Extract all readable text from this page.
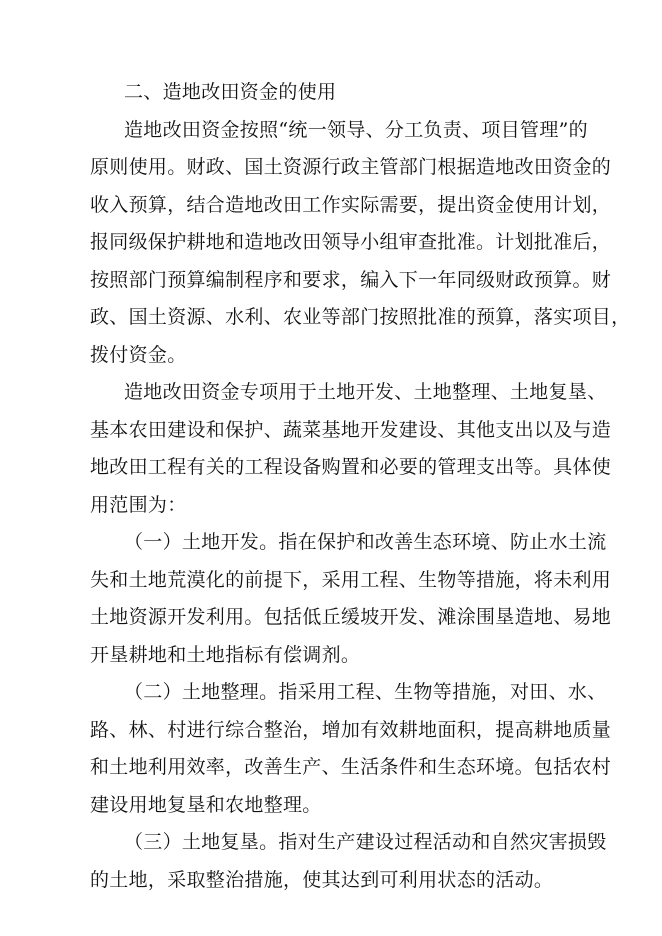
二、造地改田资金的使用
造地改田资金按照“统一领导、分工负责、项目管理”的
原则使用。财政、国土资源行政主管部门根据造地改田资金的
收入预算，结合造地改田工作实际需要，提出资金使用计划，
报同级保护耕地和造地改田领导小组审查批准。计划批准后，
按照部门预算编制程序和要求，编入下一年同级财政预算。财
政、国土资源、水利、农业等部门按照批准的预算，落实项目，
拨付资金。
造地改田资金专项用于土地开发、土地整理、土地复垦、
基本农田建设和保护、蔬菜基地开发建设、其他支出以及与造
地改田工程有关的工程设备购置和必要的管理支出等。具体使
用范围为：
（一）土地开发。指在保护和改善生态环境、防止水土流
失和土地荒漠化的前提下，采用工程、生物等措施，将未利用
土地资源开发利用。包括低丘缓坡开发、滩涂围垦造地、易地
开垦耕地和土地指标有偿调剂。
（二）土地整理。指采用工程、生物等措施，对田、水、
路、林、村进行综合整治，增加有效耕地面积，提高耕地质量
和土地利用效率，改善生产、生活条件和生态环境。包括农村
建设用地复垦和农地整理。
（三）土地复垦。指对生产建设过程活动和自然灾害损毁
的土地，采取整治措施，使其达到可利用状态的活动。
